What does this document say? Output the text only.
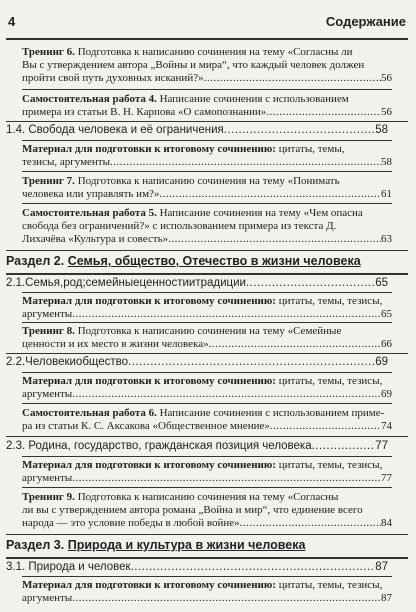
4	Содержание
Тренинг 6. Подготовка к написанию сочинения на тему «Согласны ли
Вы с утверждением автора „Войны и мира“, что каждый человек должен
пройти свой путь духовных исканий?» .....	56
Самостоятельная работа 4. Написание сочинения с использованием
примера из статьи В. Н. Карпова «О самопознании» .....	56
1.4. Свобода человека и её ограничения .....	58
Материал для подготовки к итоговому сочинению: цитаты, темы,
тезисы, аргументы .....	58
Тренинг 7. Подготовка к написанию сочинения на тему «Понимать
человека или управлять им?» .....	61
Самостоятельная работа 5. Написание сочинения на тему «Чем опасна
свобода без ограничений?» с использованием примера из текста Д.
Лихачёва «Культура и совесть» .....	63
Раздел 2. Семья, общество, Отечество в жизни человека
2.1.Семья,род;семейныеценностиитрадиции .....	65
Материал для подготовки к итоговому сочинению: цитаты, темы, тезисы,
аргументы .....	65
Тренинг 8. Подготовка к написанию сочинения на тему «Семейные
ценности и их место в жизни человека» .....	66
2.2.Человекиобщество .....	69
Материал для подготовки к итоговому сочинению: цитаты, темы, тезисы,
аргументы .....	69
Самостоятельная работа 6. Написание сочинения с использованием приме-
ра из статьи К. С. Аксакова «Общественное мнение» .....	74
2.3. Родина, государство, гражданская позиция человека .....	77
Материал для подготовки к итоговому сочинению: цитаты, темы, тезисы,
аргументы .....	77
Тренинг 9. Подготовка к написанию сочинения на тему «Согласны
ли вы с утверждением автора романа „Война и мир“, что единение всего
народа — это условие победы в любой войне» .....	84
Раздел 3. Природа и культура в жизни человека
3.1. Природа и человек .....	87
Материал для подготовки к итоговому сочинению: цитаты, темы, тезисы,
аргументы .....	87
